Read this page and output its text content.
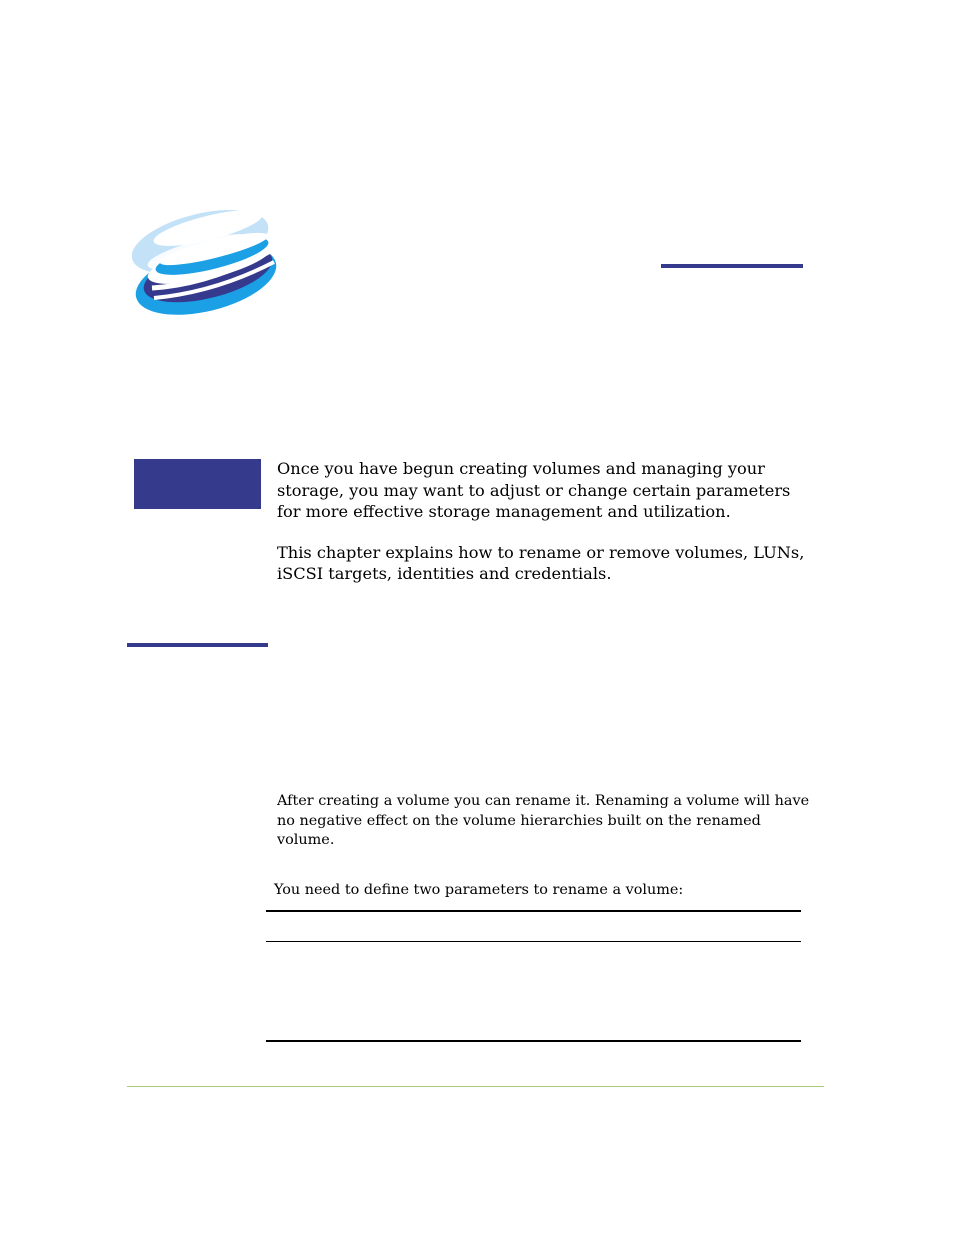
Once you have begun creating volumes and managing your storage, you may want to adjust or change certain parameters for more effective storage management and utilization.

This chapter explains how to rename or remove volumes, LUNs, iSCSI targets, identities and credentials.

After creating a volume you can rename it. Renaming a volume will have no negative effect on the volume hierarchies built on the renamed volume.

You need to define two parameters to rename a volume:
